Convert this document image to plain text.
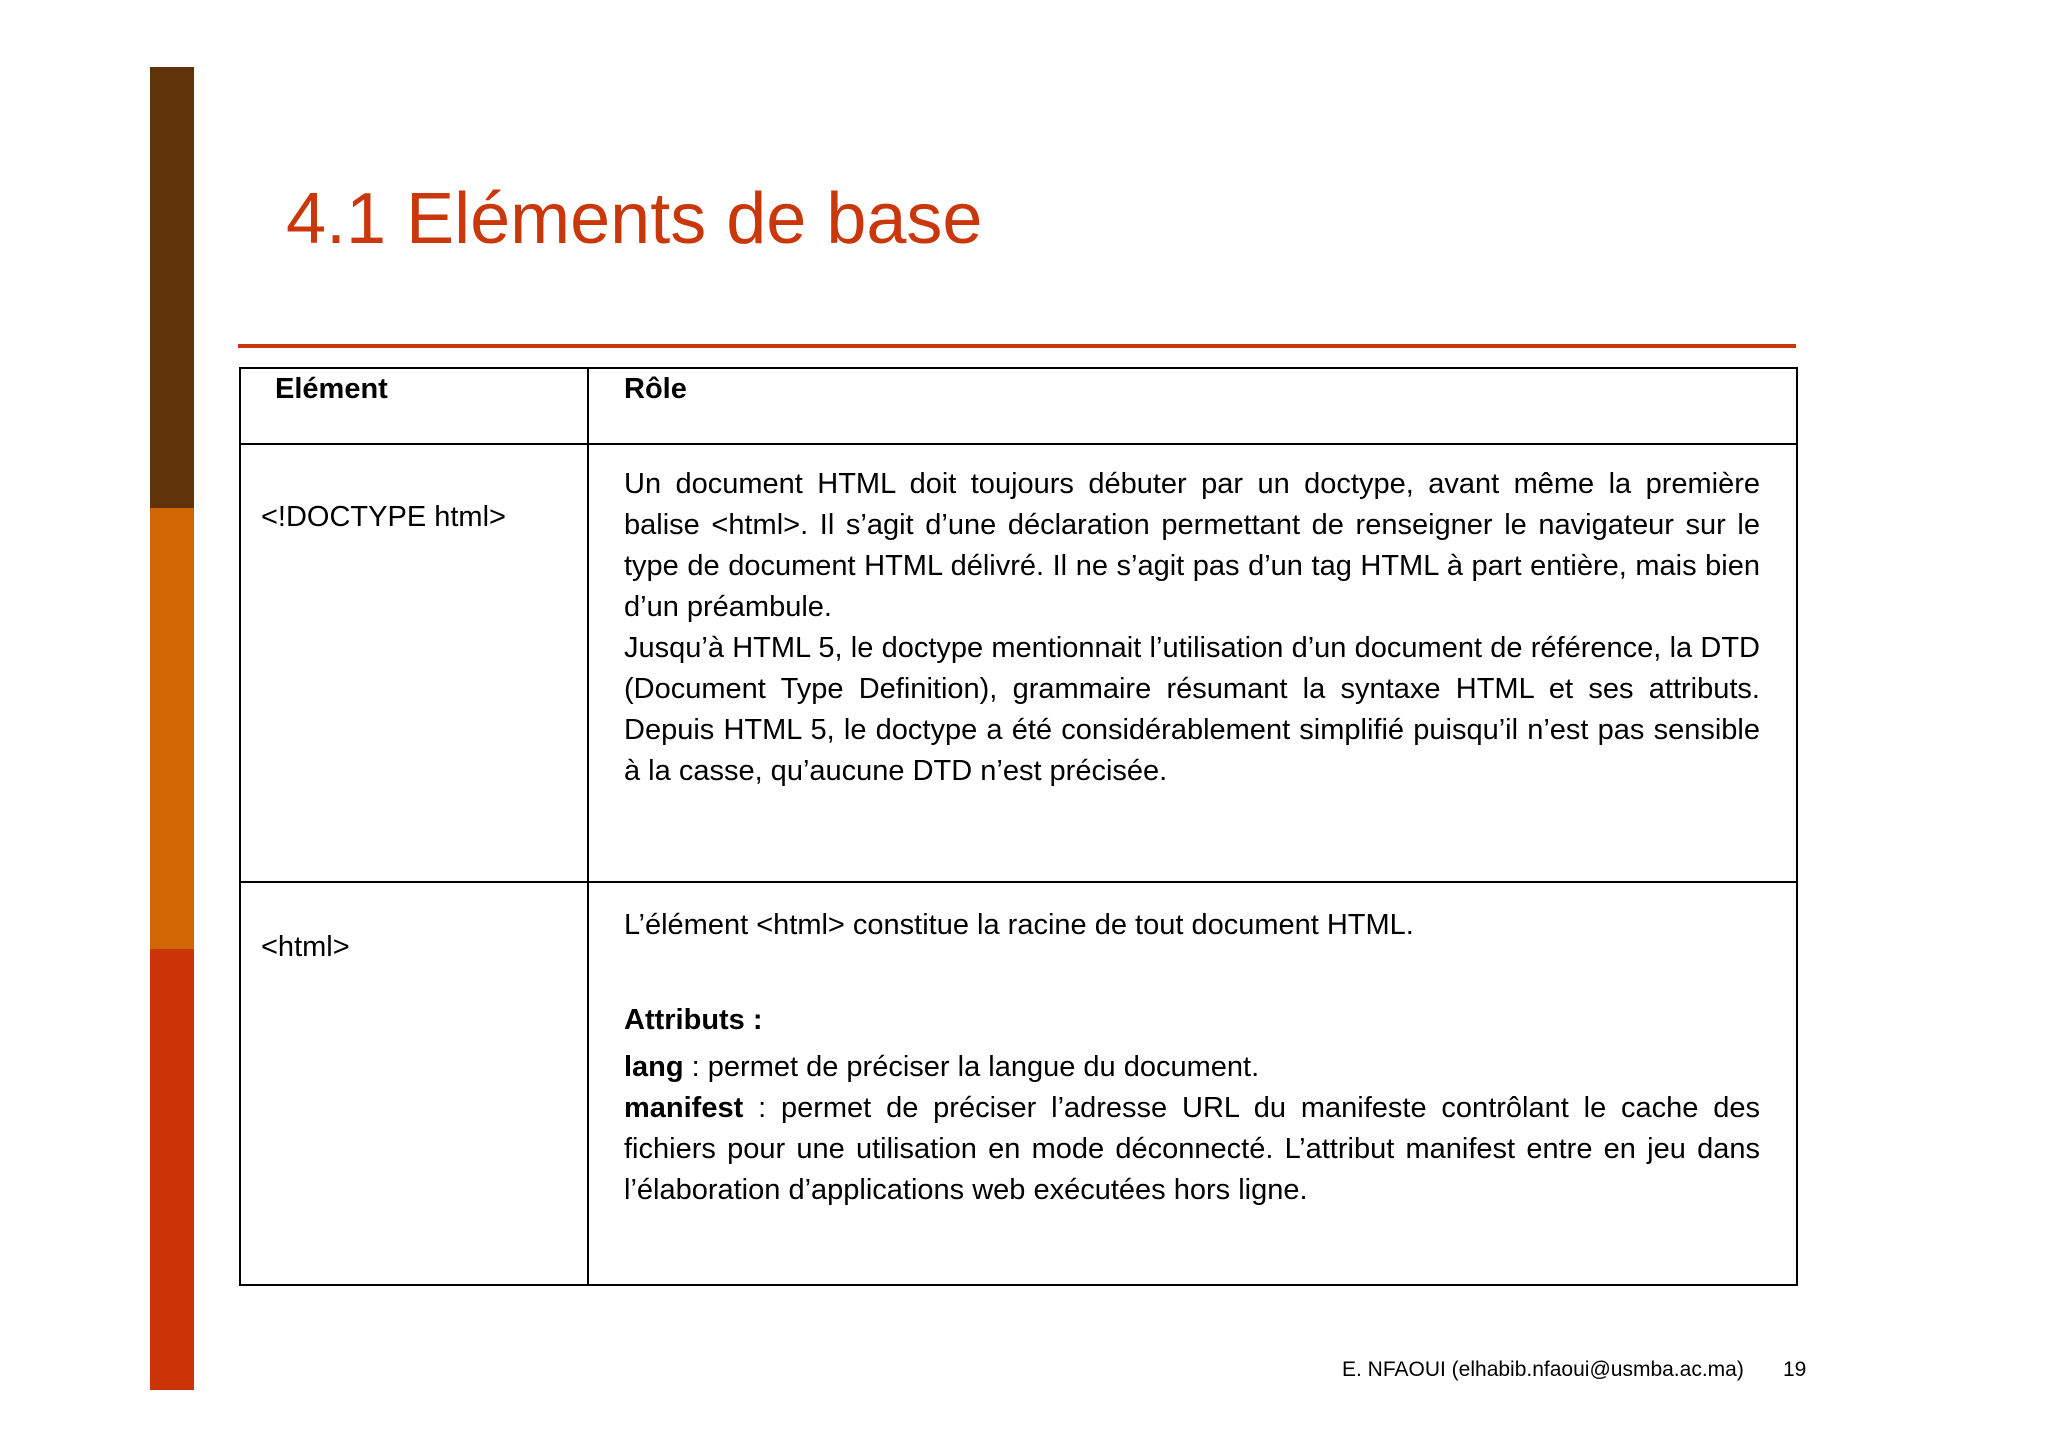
4.1 Eléments de base
Elément	Rôle
<!DOCTYPE html>	Un document HTML doit toujours débuter par un doctype, avant même la première balise <html>. Il s’agit d’une déclaration permettant de renseigner le navigateur sur le type de document HTML délivré. Il ne s’agit pas d’un tag HTML à part entière, mais bien d’un préambule.

Jusqu’à HTML 5, le doctype mentionnait l’utilisation d’un document de référence, la DTD (Document Type Definition), grammaire résumant la syntaxe HTML et ses attributs. Depuis HTML 5, le doctype a été considérablement simplifié puisqu’il n’est pas sensible à la casse, qu’aucune DTD n’est précisée.

<html>	L’élément <html> constitue la racine de tout document HTML.

Attributs :

lang : permet de préciser la langue du document.

manifest : permet de préciser l’adresse URL du manifeste contrôlant le cache des fichiers pour une utilisation en mode déconnecté. L’attribut manifest entre en jeu dans l’élaboration d’applications web exécutées hors ligne.

E. NFAOUI (elhabib.nfaoui@usmba.ac.ma) 19
